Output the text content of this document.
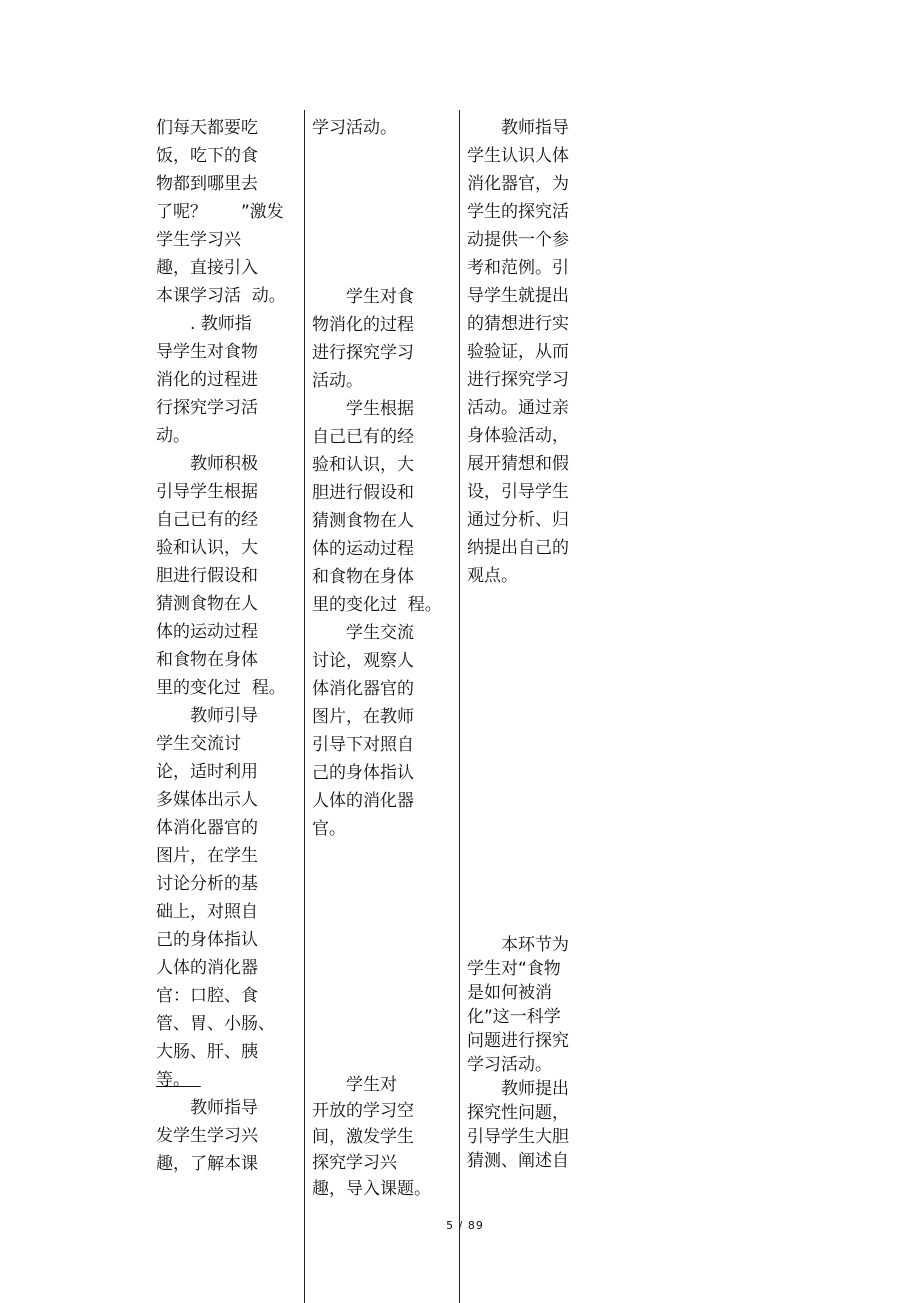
们每天都要吃
饭，吃下的食
物都到哪里去
了呢？　　”激发
学生学习兴
趣，直接引入
本课学习活  动。
　　. 教师指
导学生对食物
消化的过程进
行探究学习活
动。
　　教师积极
引导学生根据
自己已有的经
验和认识，大
胆进行假设和
猜测食物在人
体的运动过程
和食物在身体
里的变化过  程。
　　教师引导
学生交流讨
论，适时利用
多媒体出示人
体消化器官的
图片，在学生
讨论分析的基
础上，对照自
己的身体指认
人体的消化器
官：口腔、食
管、胃、小肠、
大肠、肝、胰
等。
　　教师指导
发学生学习兴
趣，了解本课
学习活动。
　　学生对食
物消化的过程
进行探究学习
活动。
　　学生根据
自己已有的经
验和认识，大
胆进行假设和
猜测食物在人
体的运动过程
和食物在身体
里的变化过  程。
　　学生交流
讨论，观察人
体消化器官的
图片，在教师
引导下对照自
己的身体指认
人体的消化器
官。
　　学生对
开放的学习空
间，激发学生
探究学习兴
趣，导入课题。
　　教师指导
学生认识人体
消化器官，为
学生的探究活
动提供一个参
考和范例。引
导学生就提出
的猜想进行实
验验证，从而
进行探究学习
活动。通过亲
身体验活动，
展开猜想和假
设，引导学生
通过分析、归
纳提出自己的
观点。
　　本环节为
学生对“食物
是如何被消
化”这一科学
问题进行探究
学习活动。
　　教师提出
探究性问题，
引导学生大胆
猜测、阐述自
5 / 89
